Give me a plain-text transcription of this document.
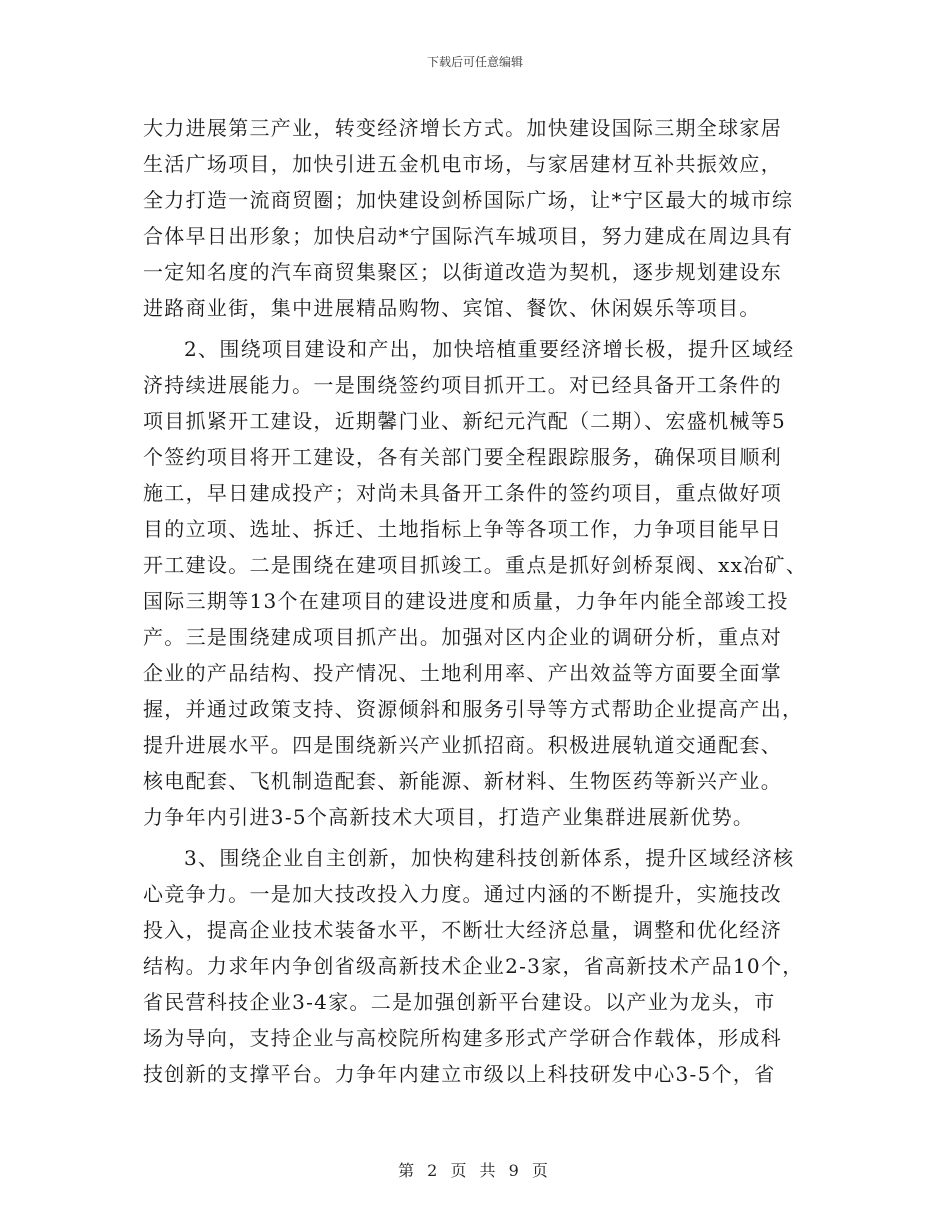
下载后可任意编辑
大力进展第三产业，转变经济增长方式。加快建设国际三期全球家居
生活广场项目，加快引进五金机电市场，与家居建材互补共振效应，
全力打造一流商贸圈；加快建设剑桥国际广场，让*宁区最大的城市综
合体早日出形象；加快启动*宁国际汽车城项目，努力建成在周边具有
一定知名度的汽车商贸集聚区；以街道改造为契机，逐步规划建设东
进路商业街，集中进展精品购物、宾馆、餐饮、休闲娱乐等项目。
2、围绕项目建设和产出，加快培植重要经济增长极，提升区域经
济持续进展能力。一是围绕签约项目抓开工。对已经具备开工条件的
项目抓紧开工建设，近期馨门业、新纪元汽配（二期）、宏盛机械等5
个签约项目将开工建设，各有关部门要全程跟踪服务，确保项目顺利
施工，早日建成投产；对尚未具备开工条件的签约项目，重点做好项
目的立项、选址、拆迁、土地指标上争等各项工作，力争项目能早日
开工建设。二是围绕在建项目抓竣工。重点是抓好剑桥泵阀、xx冶矿、
国际三期等13个在建项目的建设进度和质量，力争年内能全部竣工投
产。三是围绕建成项目抓产出。加强对区内企业的调研分析，重点对
企业的产品结构、投产情况、土地利用率、产出效益等方面要全面掌
握，并通过政策支持、资源倾斜和服务引导等方式帮助企业提高产出，
提升进展水平。四是围绕新兴产业抓招商。积极进展轨道交通配套、
核电配套、飞机制造配套、新能源、新材料、生物医药等新兴产业。
力争年内引进3-5个高新技术大项目，打造产业集群进展新优势。
3、围绕企业自主创新，加快构建科技创新体系，提升区域经济核
心竞争力。一是加大技改投入力度。通过内涵的不断提升，实施技改
投入，提高企业技术装备水平，不断壮大经济总量，调整和优化经济
结构。力求年内争创省级高新技术企业2-3家，省高新技术产品10个，
省民营科技企业3-4家。二是加强创新平台建设。以产业为龙头，市
场为导向，支持企业与高校院所构建多形式产学研合作载体，形成科
技创新的支撑平台。力争年内建立市级以上科技研发中心3-5个，省
第 2 页 共 9 页
